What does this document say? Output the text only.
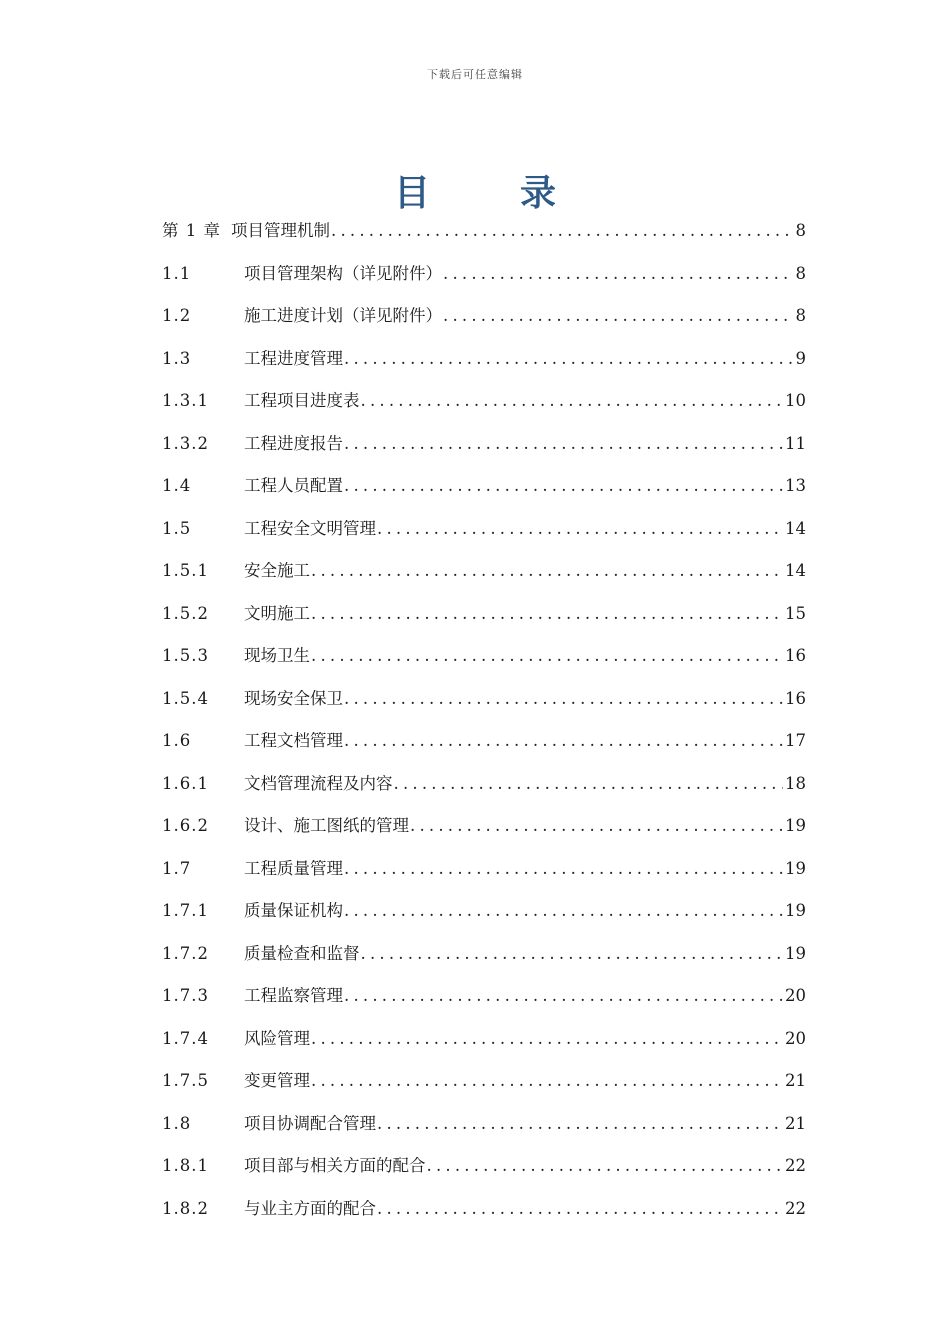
下载后可任意编辑
目	录
第 1 章 项目管理机制 .....	8
1.1	项目管理架构（详见附件） .....	8
1.2	施工进度计划（详见附件） .....	8
1.3	工程进度管理 .....	9
1.3.1	工程项目进度表 .....	10
1.3.2	工程进度报告 .....	11
1.4	工程人员配置 .....	13
1.5	工程安全文明管理 .....	14
1.5.1	安全施工 .....	14
1.5.2	文明施工 .....	15
1.5.3	现场卫生 .....	16
1.5.4	现场安全保卫 .....	16
1.6	工程文档管理 .....	17
1.6.1	文档管理流程及内容 .....	18
1.6.2	设计、施工图纸的管理 .....	19
1.7	工程质量管理 .....	19
1.7.1	质量保证机构 .....	19
1.7.2	质量检查和监督 .....	19
1.7.3	工程监察管理 .....	20
1.7.4	风险管理 .....	20
1.7.5	变更管理 .....	21
1.8	项目协调配合管理 .....	21
1.8.1	项目部与相关方面的配合 .....	22
1.8.2	与业主方面的配合 .....	22
